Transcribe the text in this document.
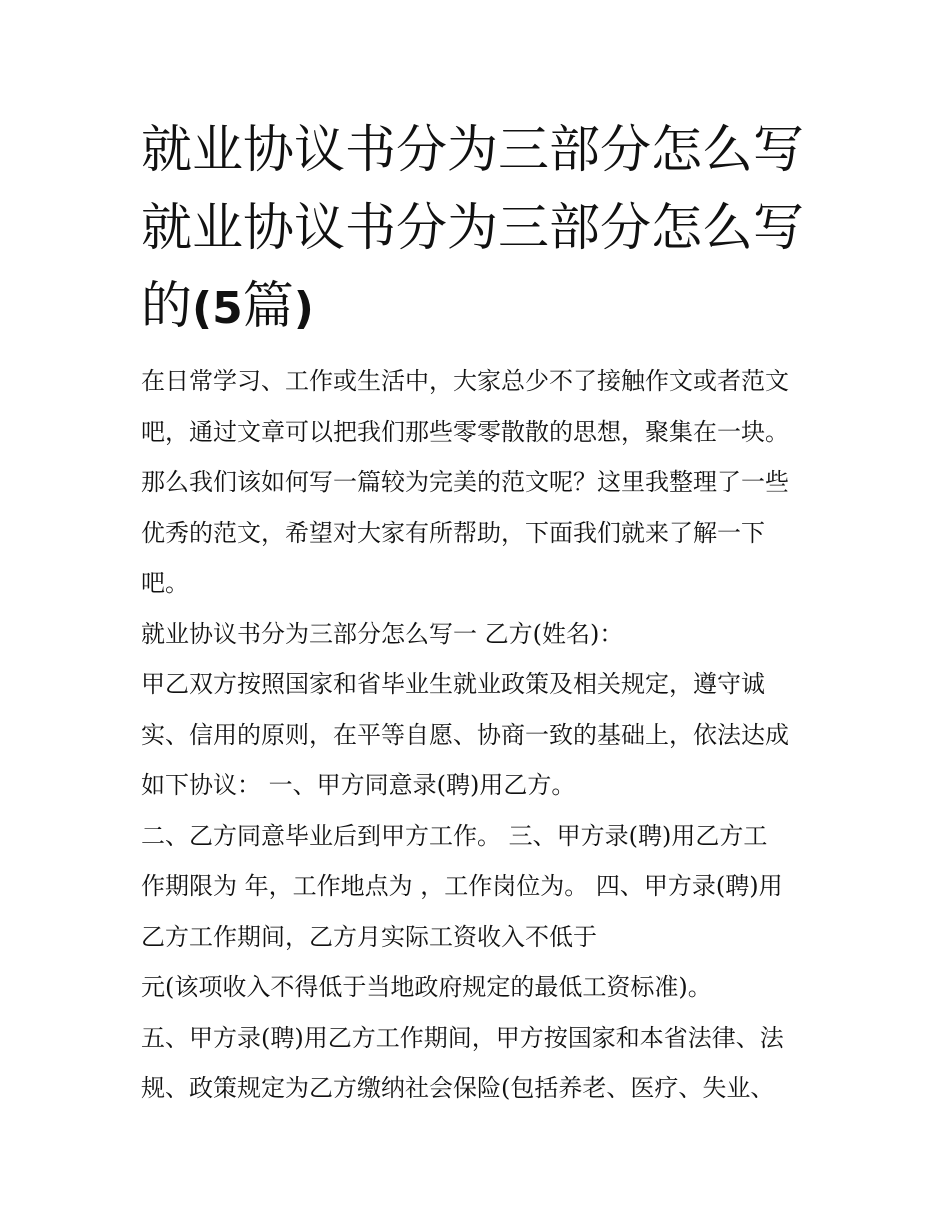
就业协议书分为三部分怎么写
就业协议书分为三部分怎么写
的(5篇)
在日常学习、工作或生活中，大家总少不了接触作文或者范文
吧，通过文章可以把我们那些零零散散的思想，聚集在一块。
那么我们该如何写一篇较为完美的范文呢？这里我整理了一些
优秀的范文，希望对大家有所帮助，下面我们就来了解一下
吧。
就业协议书分为三部分怎么写一 乙方(姓名)：
甲乙双方按照国家和省毕业生就业政策及相关规定，遵守诚
实、信用的原则，在平等自愿、协商一致的基础上，依法达成
如下协议： 一、甲方同意录(聘)用乙方。
二、乙方同意毕业后到甲方工作。 三、甲方录(聘)用乙方工
作期限为 年，工作地点为 ，工作岗位为。 四、甲方录(聘)用
乙方工作期间，乙方月实际工资收入不低于
元(该项收入不得低于当地政府规定的最低工资标准)。
五、甲方录(聘)用乙方工作期间，甲方按国家和本省法律、法
规、政策规定为乙方缴纳社会保险(包括养老、医疗、失业、
